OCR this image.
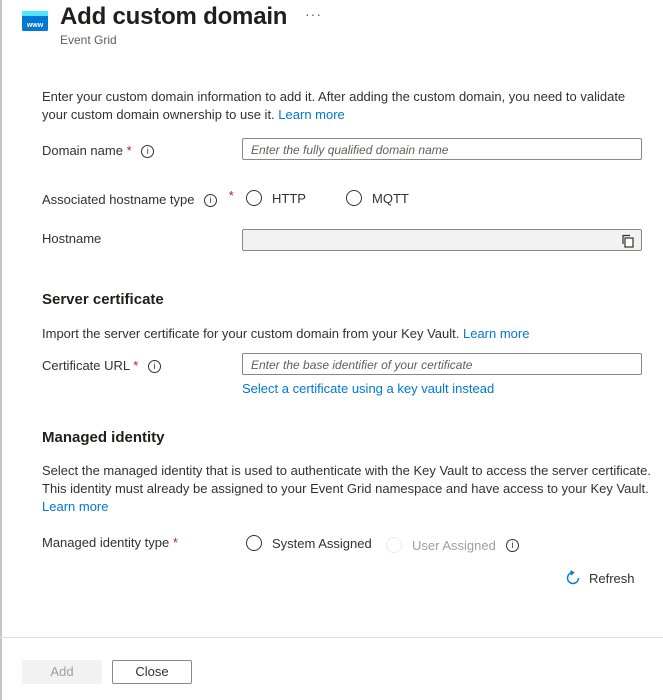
www Add custom domain ···
Event Grid
Enter your custom domain information to add it. After adding the custom domain, you need to validate your custom domain ownership to use it. Learn more
Domain name * i	Enter the fully qualified domain name
Associated hostname type i *	HTTP	MQTT
Hostname
Server certificate
Import the server certificate for your custom domain from your Key Vault. Learn more
Certificate URL * i	Enter the base identifier of your certificate
Select a certificate using a key vault instead
Managed identity
Select the managed identity that is used to authenticate with the Key Vault to access the server certificate. This identity must already be assigned to your Event Grid namespace and have access to your Key Vault. Learn more
Managed identity type *	System Assigned	User Assigned	i
Refresh
Add	Close
